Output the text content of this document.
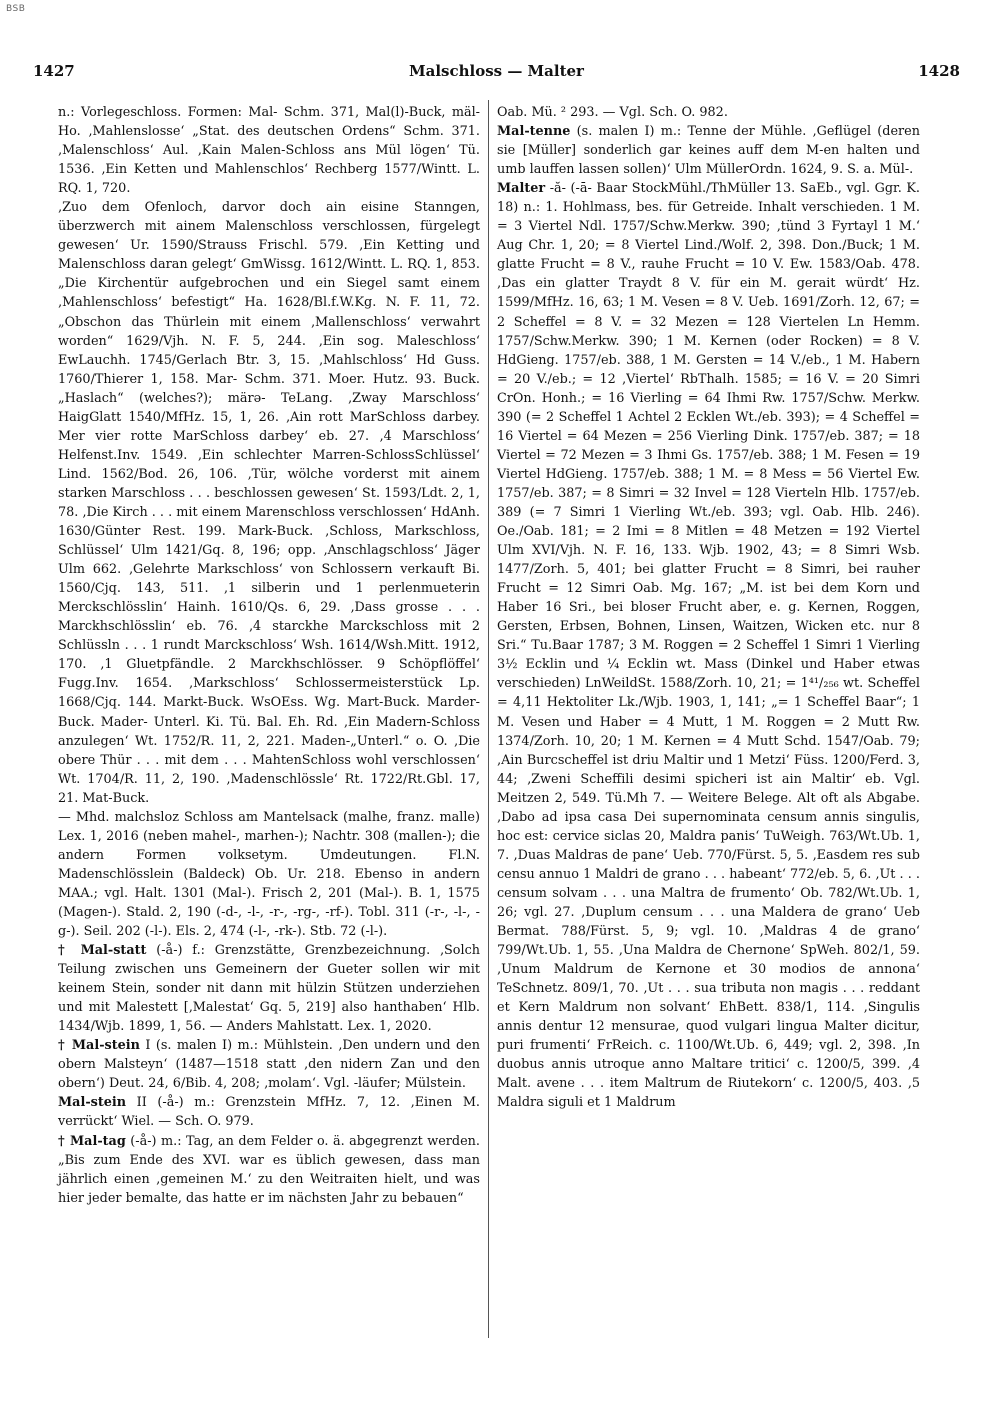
BSB
1427	Malschloss — Malter	1428

n.: Vorlegeschloss. Formen: Mal- Schm. 371, Mal(l)-Buck, mäl- Ho. ‚Mahlenslosse‘ „Stat. des deutschen Ordens“ Schm. 371. ‚Malenschloss‘ Aul. ‚Kain Malen-Schloss ans Mül lögen‘ Tü. 1536. ‚Ein Ketten und Mahlenschlos‘ Rechberg 1577/Wintt. L. RQ. 1, 720.

‚Zuo dem Ofenloch, darvor doch ain eisine Stanngen, überzwerch mit ainem Malenschloss verschlossen, fürgelegt gewesen‘ Ur. 1590/Strauss Frischl. 579. ‚Ein Ketting und Malenschloss daran gelegt‘ GmWissg. 1612/Wintt. L. RQ. 1, 853. „Die Kirchentür aufgebrochen und ein Siegel samt einem ‚Mahlenschloss‘ befestigt“ Ha. 1628/Bl.f.W.Kg. N. F. 11, 72. „Obschon das Thürlein mit einem ‚Mallenschloss‘ verwahrt worden“ 1629/Vjh. N. F. 5, 244. ‚Ein sog. Maleschloss‘ EwLauchh. 1745/Gerlach Btr. 3, 15. ‚Mahlschloss‘ Hd Guss. 1760/Thierer 1, 158. Mar- Schm. 371. Moer. Hutz. 93. Buck. „Haslach“ (welches?); märә- TeLang. ‚Zway Marschloss‘ HaigGlatt 1540/MfHz. 15, 1, 26. ‚Ain rott MarSchloss darbey. Mer vier rotte MarSchloss darbey‘ eb. 27. ‚4 Marschloss‘ Helfenst.Inv. 1549. ‚Ein schlechter Marren-SchlossSchlüssel‘ Lind. 1562/Bod. 26, 106. ‚Tür, wölche vorderst mit ainem starken Marschloss . . . beschlossen gewesen‘ St. 1593/Ldt. 2, 1, 78. ‚Die Kirch . . . mit einem Marenschloss verschlossen‘ HdAnh. 1630/Günter Rest. 199. Mark-Buck. ‚Schloss, Markschloss, Schlüssel‘ Ulm 1421/Gq. 8, 196; opp. ‚Anschlagschloss‘ Jäger Ulm 662. ‚Gelehrte Markschloss‘ von Schlossern verkauft Bi. 1560/Cjq. 143, 511. ‚1 silberin und 1 perlenmueterin Merckschlösslin‘ Hainh. 1610/Qs. 6, 29. ‚Dass grosse . . . Marckhschlösslin‘ eb. 76. ‚4 starckhe Marckschloss mit 2 Schlüssln . . . 1 rundt Marckschloss‘ Wsh. 1614/Wsh.Mitt. 1912, 170. ‚1 Gluetpfändle. 2 Marckhschlösser. 9 Schöpflöffel‘ Fugg.Inv. 1654. ‚Markschloss‘ Schlossermeisterstück Lp. 1668/Cjq. 144. Markt-Buck. WsOEss. Wg. Mart-Buck. Marder-Buck. Mader- Unterl. Ki. Tü. Bal. Eh. Rd. ‚Ein Madern-Schloss anzulegen‘ Wt. 1752/R. 11, 2, 221. Maden-„Unterl.“ o. O. ‚Die obere Thür . . . mit dem . . . MahtenSchloss wohl verschlossen‘ Wt. 1704/R. 11, 2, 190. ‚Madenschlössle‘ Rt. 1722/Rt.Gbl. 17, 21. Mat-Buck.

— Mhd. malchsloz Schloss am Mantelsack (malhe, franz. malle) Lex. 1, 2016 (neben mahel-, marhen-); Nachtr. 308 (mallen-); die andern Formen volksetym. Umdeutungen. Fl.N. Madenschlösslein (Baldeck) Ob. Ur. 218. Ebenso in andern MAA.; vgl. Halt. 1301 (Mal-). Frisch 2, 201 (Mal-). B. 1, 1575 (Magen-). Stald. 2, 190 (-d-, -l-, -r-, -rg-, -rf-). Tobl. 311 (-r-, -l-, -g-). Seil. 202 (-l-). Els. 2, 474 (-l-, -rk-). Stb. 72 (-l-).

† Mal-statt (-å-) f.: Grenzstätte, Grenzbezeichnung. ‚Solch Teilung zwischen uns Gemeinern der Gueter sollen wir mit keinem Stein, sonder nit dann mit hülzin Stützen underziehen und mit Malestett [‚Malestat‘ Gq. 5, 219] also hanthaben‘ Hlb. 1434/Wjb. 1899, 1, 56. — Anders Mahlstatt. Lex. 1, 2020.

† Mal-stein I (s. malen I) m.: Mühlstein. ‚Den undern und den obern Malsteyn‘ (1487—1518 statt ‚den nidern Zan und den obern‘) Deut. 24, 6/Bib. 4, 208; ‚molam‘. Vgl. -läufer; Mülstein.

Mal-stein II (-å-) m.: Grenzstein MfHz. 7, 12. ‚Einen M. verrückt‘ Wiel. — Sch. O. 979.

† Mal-tag (-å-) m.: Tag, an dem Felder o. ä. abgegrenzt werden. „Bis zum Ende des XVI. war es üblich gewesen, dass man jährlich einen ‚gemeinen M.‘ zu den Weitraiten hielt, und was hier jeder bemalte, das hatte er im nächsten Jahr zu bebauen“

Oab. Mü. ² 293. — Vgl. Sch. O. 982.

Mal-tenne (s. malen I) m.: Tenne der Mühle. ‚Geflügel (deren sie [Müller] sonderlich gar keines auff dem M-en halten und umb lauffen lassen sollen)‘ Ulm MüllerOrdn. 1624, 9. S. a. Mül-.

Malter -ă- (-ā- Baar StockMühl./ThMüller 13. SaEb., vgl. Ggr. K. 18) n.: 1. Hohlmass, bes. für Getreide. Inhalt verschieden. 1 M. = 3 Viertel Ndl. 1757/Schw.Merkw. 390; ‚tünd 3 Fyrtayl 1 M.‘ Aug Chr. 1, 20; = 8 Viertel Lind./Wolf. 2, 398. Don./Buck; 1 M. glatte Frucht = 8 V., rauhe Frucht = 10 V. Ew. 1583/Oab. 478. ‚Das ein glatter Traydt 8 V. für ein M. gerait würdt‘ Hz. 1599/MfHz. 16, 63; 1 M. Vesen = 8 V. Ueb. 1691/Zorh. 12, 67; = 2 Scheffel = 8 V. = 32 Mezen = 128 Viertelen Ln Hemm. 1757/Schw.Merkw. 390; 1 M. Kernen (oder Rocken) = 8 V. HdGieng. 1757/eb. 388, 1 M. Gersten = 14 V./eb., 1 M. Habern = 20 V./eb.; = 12 ‚Viertel‘ RbThalh. 1585; = 16 V. = 20 Simri CrOn. Honh.; = 16 Vierling = 64 Ihmi Rw. 1757/Schw. Merkw. 390 (= 2 Scheffel 1 Achtel 2 Ecklen Wt./eb. 393); = 4 Scheffel = 16 Viertel = 64 Mezen = 256 Vierling Dink. 1757/eb. 387; = 18 Viertel = 72 Mezen = 3 Ihmi Gs. 1757/eb. 388; 1 M. Fesen = 19 Viertel HdGieng. 1757/eb. 388; 1 M. = 8 Mess = 56 Viertel Ew. 1757/eb. 387; = 8 Simri = 32 Invel = 128 Vierteln Hlb. 1757/eb. 389 (= 7 Simri 1 Vierling Wt./eb. 393; vgl. Oab. Hlb. 246). Oe./Oab. 181; = 2 Imi = 8 Mitlen = 48 Metzen = 192 Viertel Ulm XVI/Vjh. N. F. 16, 133. Wjb. 1902, 43; = 8 Simri Wsb. 1477/Zorh. 5, 401; bei glatter Frucht = 8 Simri, bei rauher Frucht = 12 Simri Oab. Mg. 167; „M. ist bei dem Korn und Haber 16 Sri., bei bloser Frucht aber, e. g. Kernen, Roggen, Gersten, Erbsen, Bohnen, Linsen, Waitzen, Wicken etc. nur 8 Sri.“ Tu.Baar 1787; 3 M. Roggen = 2 Scheffel 1 Simri 1 Vierling 3½ Ecklin und ¼ Ecklin wt. Mass (Dinkel und Haber etwas verschieden) LnWeildSt. 1588/Zorh. 10, 21; = 1⁴¹/₂₅₆ wt. Scheffel = 4,11 Hektoliter Lk./Wjb. 1903, 1, 141; „= 1 Scheffel Baar“; 1 M. Vesen und Haber = 4 Mutt, 1 M. Roggen = 2 Mutt Rw. 1374/Zorh. 10, 20; 1 M. Kernen = 4 Mutt Schd. 1547/Oab. 79; ‚Ain Burcscheffel ist driu Maltir und 1 Metzi‘ Füss. 1200/Ferd. 3, 44; ‚Zweni Scheffili desimi spicheri ist ain Maltir‘ eb. Vgl. Meitzen 2, 549. Tü.Mh 7. — Weitere Belege. Alt oft als Abgabe. ‚Dabo ad ipsa casa Dei supernominata censum annis singulis, hoc est: cervice siclas 20, Maldra panis‘ TuWeigh. 763/Wt.Ub. 1, 7. ‚Duas Maldras de pane‘ Ueb. 770/Fürst. 5, 5. ‚Easdem res sub censu annuo 1 Maldri de grano . . . habeant‘ 772/eb. 5, 6. ‚Ut . . . censum solvam . . . una Maltra de frumento‘ Ob. 782/Wt.Ub. 1, 26; vgl. 27. ‚Duplum censum . . . una Maldera de grano‘ Ueb Bermat. 788/Fürst. 5, 9; vgl. 10. ‚Maldras 4 de grano‘ 799/Wt.Ub. 1, 55. ‚Una Maldra de Chernone‘ SpWeh. 802/1, 59. ‚Unum Maldrum de Kernone et 30 modios de annona‘ TeSchnetz. 809/1, 70. ‚Ut . . . sua tributa non magis . . . reddant et Kern Maldrum non solvant‘ EhBett. 838/1, 114. ‚Singulis annis dentur 12 mensurae, quod vulgari lingua Malter dicitur, puri frumenti‘ FrReich. c. 1100/Wt.Ub. 6, 449; vgl. 2, 398. ‚In duobus annis utroque anno Maltare tritici‘ c. 1200/5, 399. ‚4 Malt. avene . . . item Maltrum de Riutekorn‘ c. 1200/5, 403. ‚5 Maldra siguli et 1 Maldrum
